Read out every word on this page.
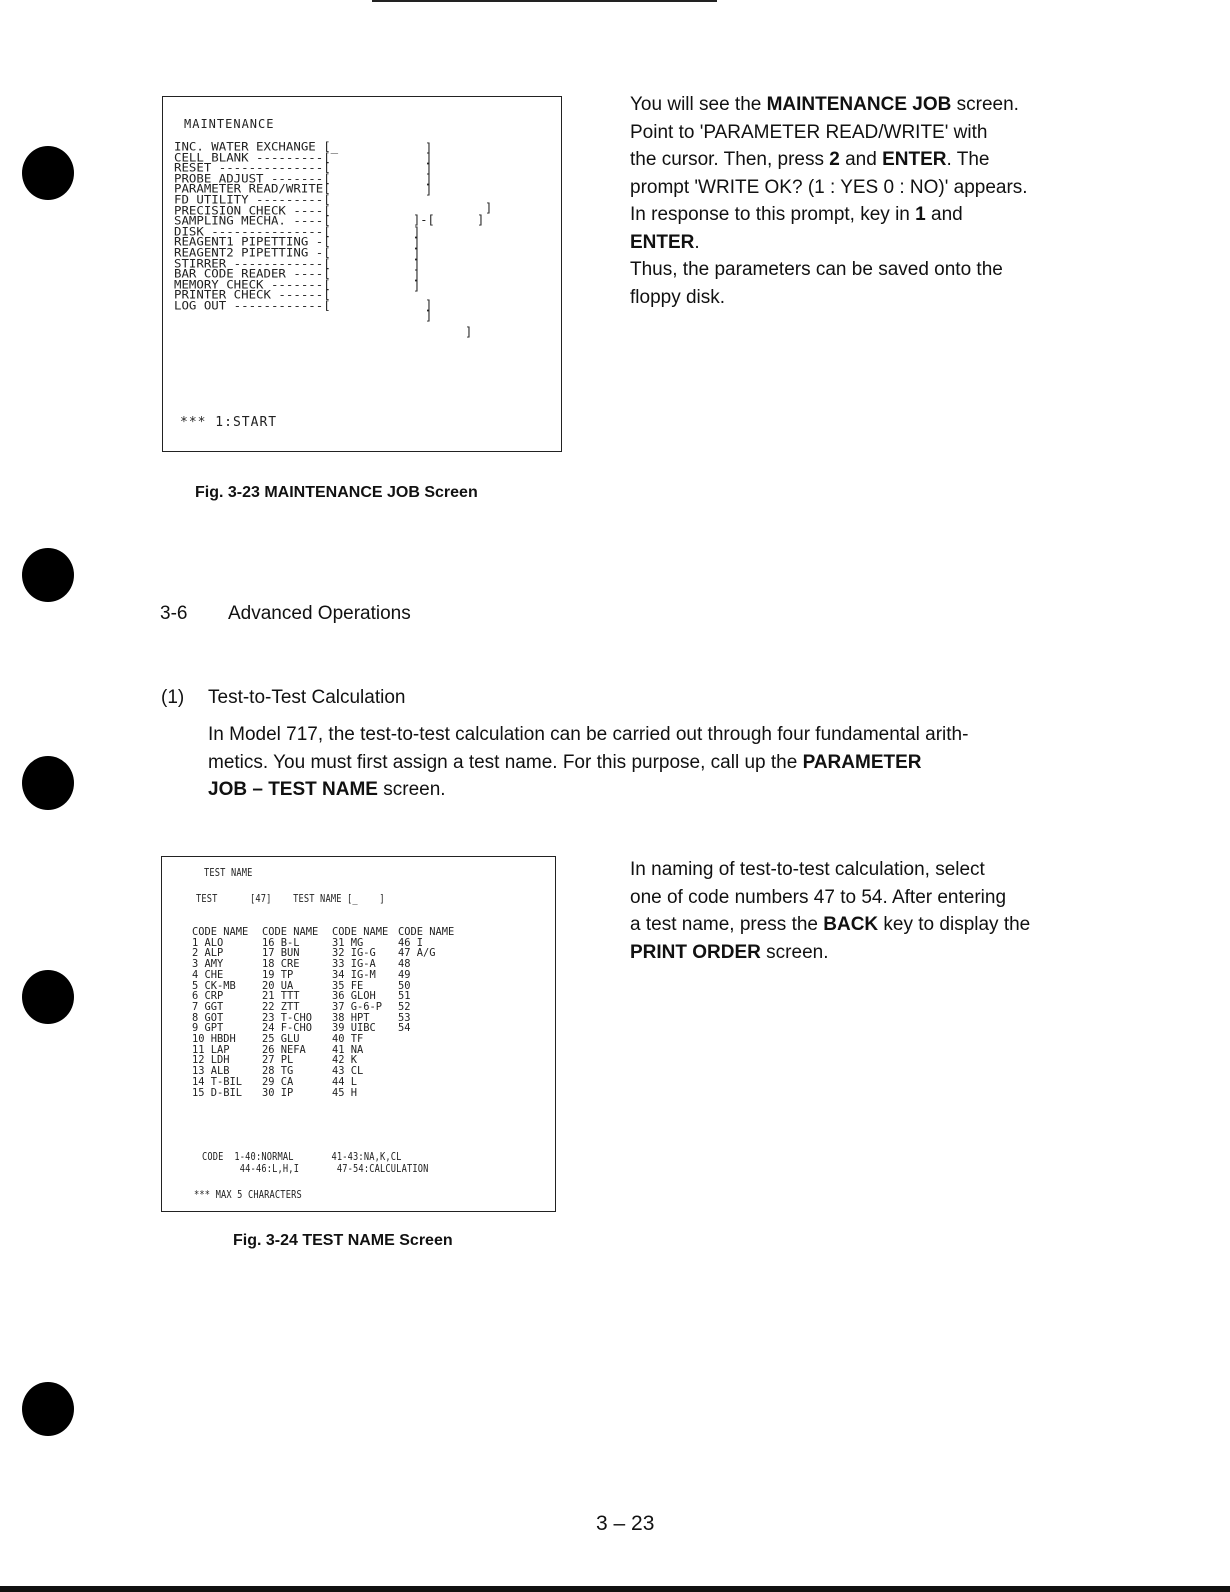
MAINTENANCE
INC. WATER EXCHANGE [_
CELL BLANK ---------[
RESET --------------[
PROBE ADJUST -------[
PARAMETER READ/WRITE[
FD UTILITY ---------[
PRECISION CHECK ----[
SAMPLING MECHA. ----[
DISK ---------------[
REAGENT1 PIPETTING -[
REAGENT2 PIPETTING -[
STIRRER ------------[
BAR CODE READER ----[
MEMORY CHECK -------[
PRINTER CHECK ------[
LOG OUT ------------[
]
]
]
]
]
]
]-[	]
]
]
]
]
]
]
]
]
]
*** 1:START
Fig. 3-23 MAINTENANCE JOB Screen

You will see the MAINTENANCE JOB screen.

Point to 'PARAMETER READ/WRITE' with

the cursor. Then, press 2 and ENTER. The

prompt 'WRITE OK? (1 : YES 0 : NO)' appears.

In response to this prompt, key in 1 and

ENTER.

Thus, the parameters can be saved onto the

floppy disk.

3-6 Advanced Operations
(1) Test-to-Test Calculation

In Model 717, the test-to-test calculation can be carried out through four fundamental arith-

metics. You must first assign a test name. For this purpose, call up the PARAMETER

JOB – TEST NAME screen.

TEST NAME
TEST      [47]    TEST NAME [_    ]
CODE NAME	CODE NAME	CODE NAME	CODE NAME
1 ALO	16 B-L	31 MG	46 I
2 ALP	17 BUN	32 IG-G	47 A/G
3 AMY	18 CRE	33 IG-A	48
4 CHE	19 TP	34 IG-M	49
5 CK-MB	20 UA	35 FE	50
6 CRP	21 TTT	36 GLOH	51
7 GGT	22 ZTT	37 G-6-P	52
8 GOT	23 T-CHO	38 HPT	53
9 GPT	24 F-CHO	39 UIBC	54
10 HBDH	25 GLU	40 TF	
11 LAP	26 NEFA	41 NA	
12 LDH	27 PL	42 K	
13 ALB	28 TG	43 CL	
14 T-BIL	29 CA	44 L	
15 D-BIL	30 IP	45 H	
CODE  1-40:NORMAL       41-43:NA,K,CL
44-46:L,H,I       47-54:CALCULATION
*** MAX 5 CHARACTERS
Fig. 3-24 TEST NAME Screen

In naming of test-to-test calculation, select

one of code numbers 47 to 54. After entering

a test name, press the BACK key to display the

PRINT ORDER screen.

3 – 23
